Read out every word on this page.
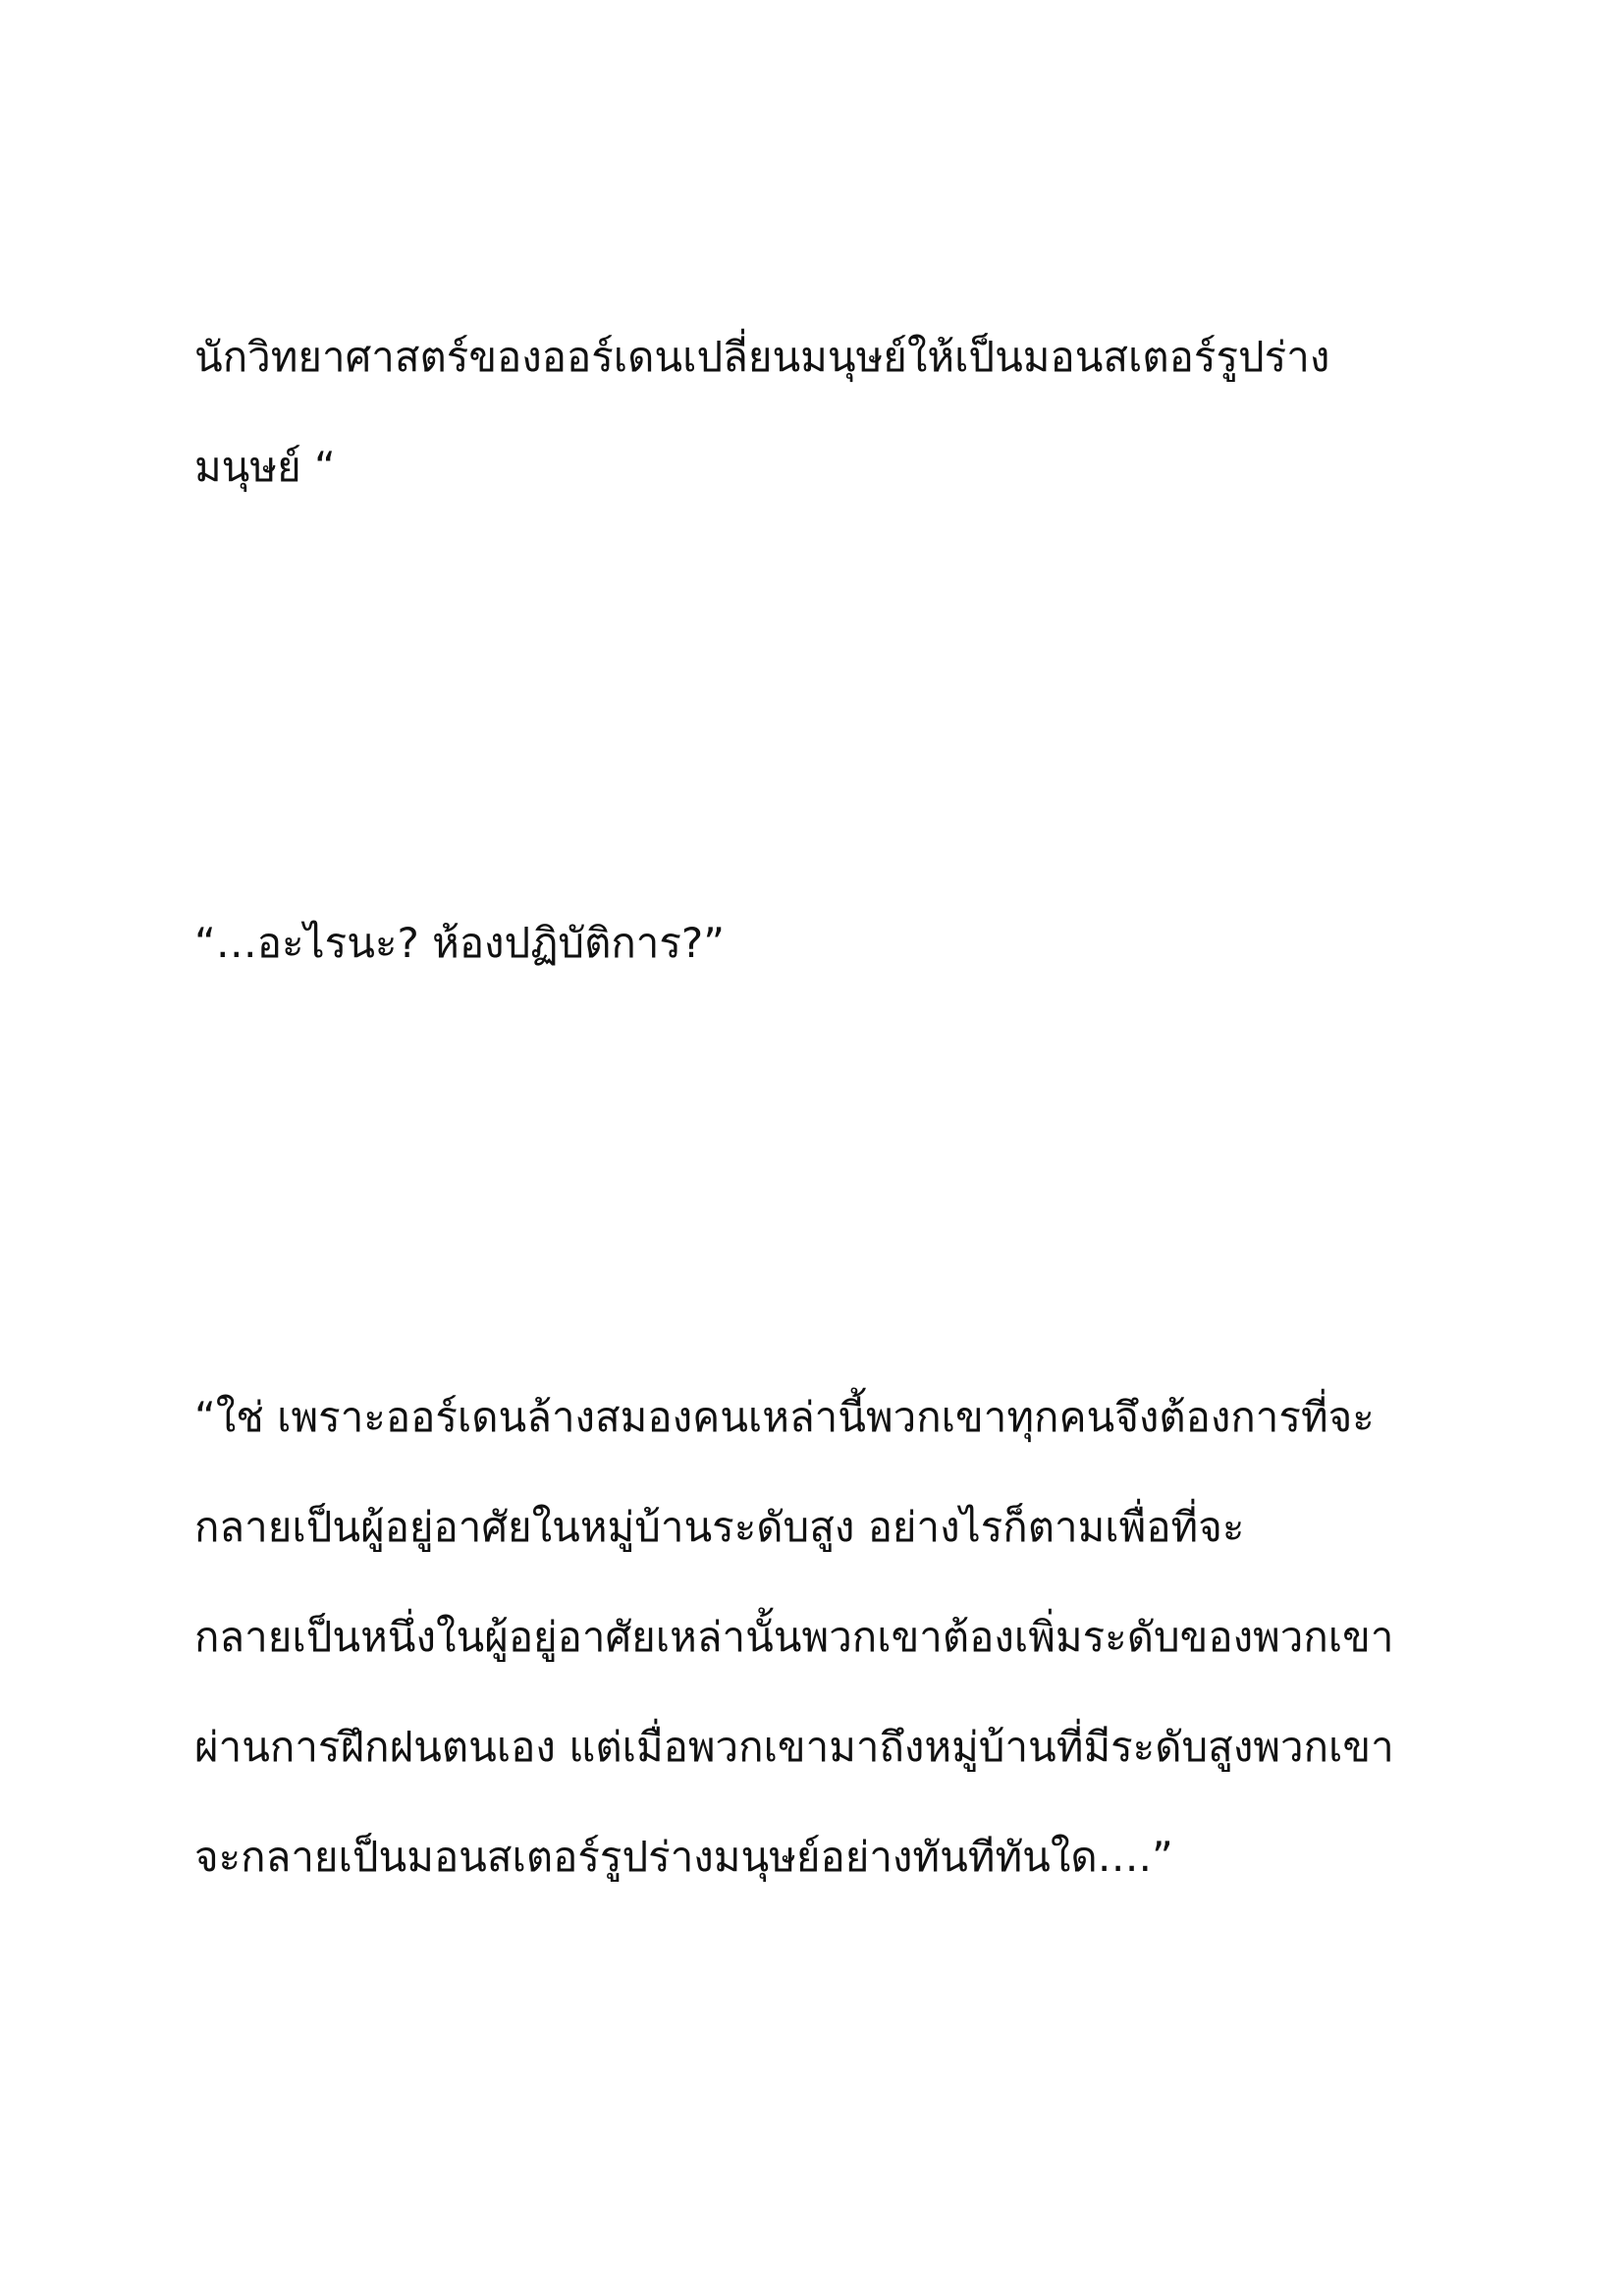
นักวิทยาศาสตร์ของออร์เดนเปลี่ยนมนุษย์ให้เป็นมอนสเตอร์รูปร่าง

มนุษย์ “

“…อะไรนะ? ห้องปฏิบัติการ?”

“ใช่ เพราะออร์เดนล้างสมองคนเหล่านี้พวกเขาทุกคนจึงต้องการที่จะ

กลายเป็นผู้อยู่อาศัยในหมู่บ้านระดับสูง อย่างไรก็ตามเพื่อที่จะ

กลายเป็นหนึ่งในผู้อยู่อาศัยเหล่านั้นพวกเขาต้องเพิ่มระดับของพวกเขา

ผ่านการฝึกฝนตนเอง แต่เมื่อพวกเขามาถึงหมู่บ้านที่มีระดับสูงพวกเขา

จะกลายเป็นมอนสเตอร์รูปร่างมนุษย์อย่างทันทีทันใด….”
